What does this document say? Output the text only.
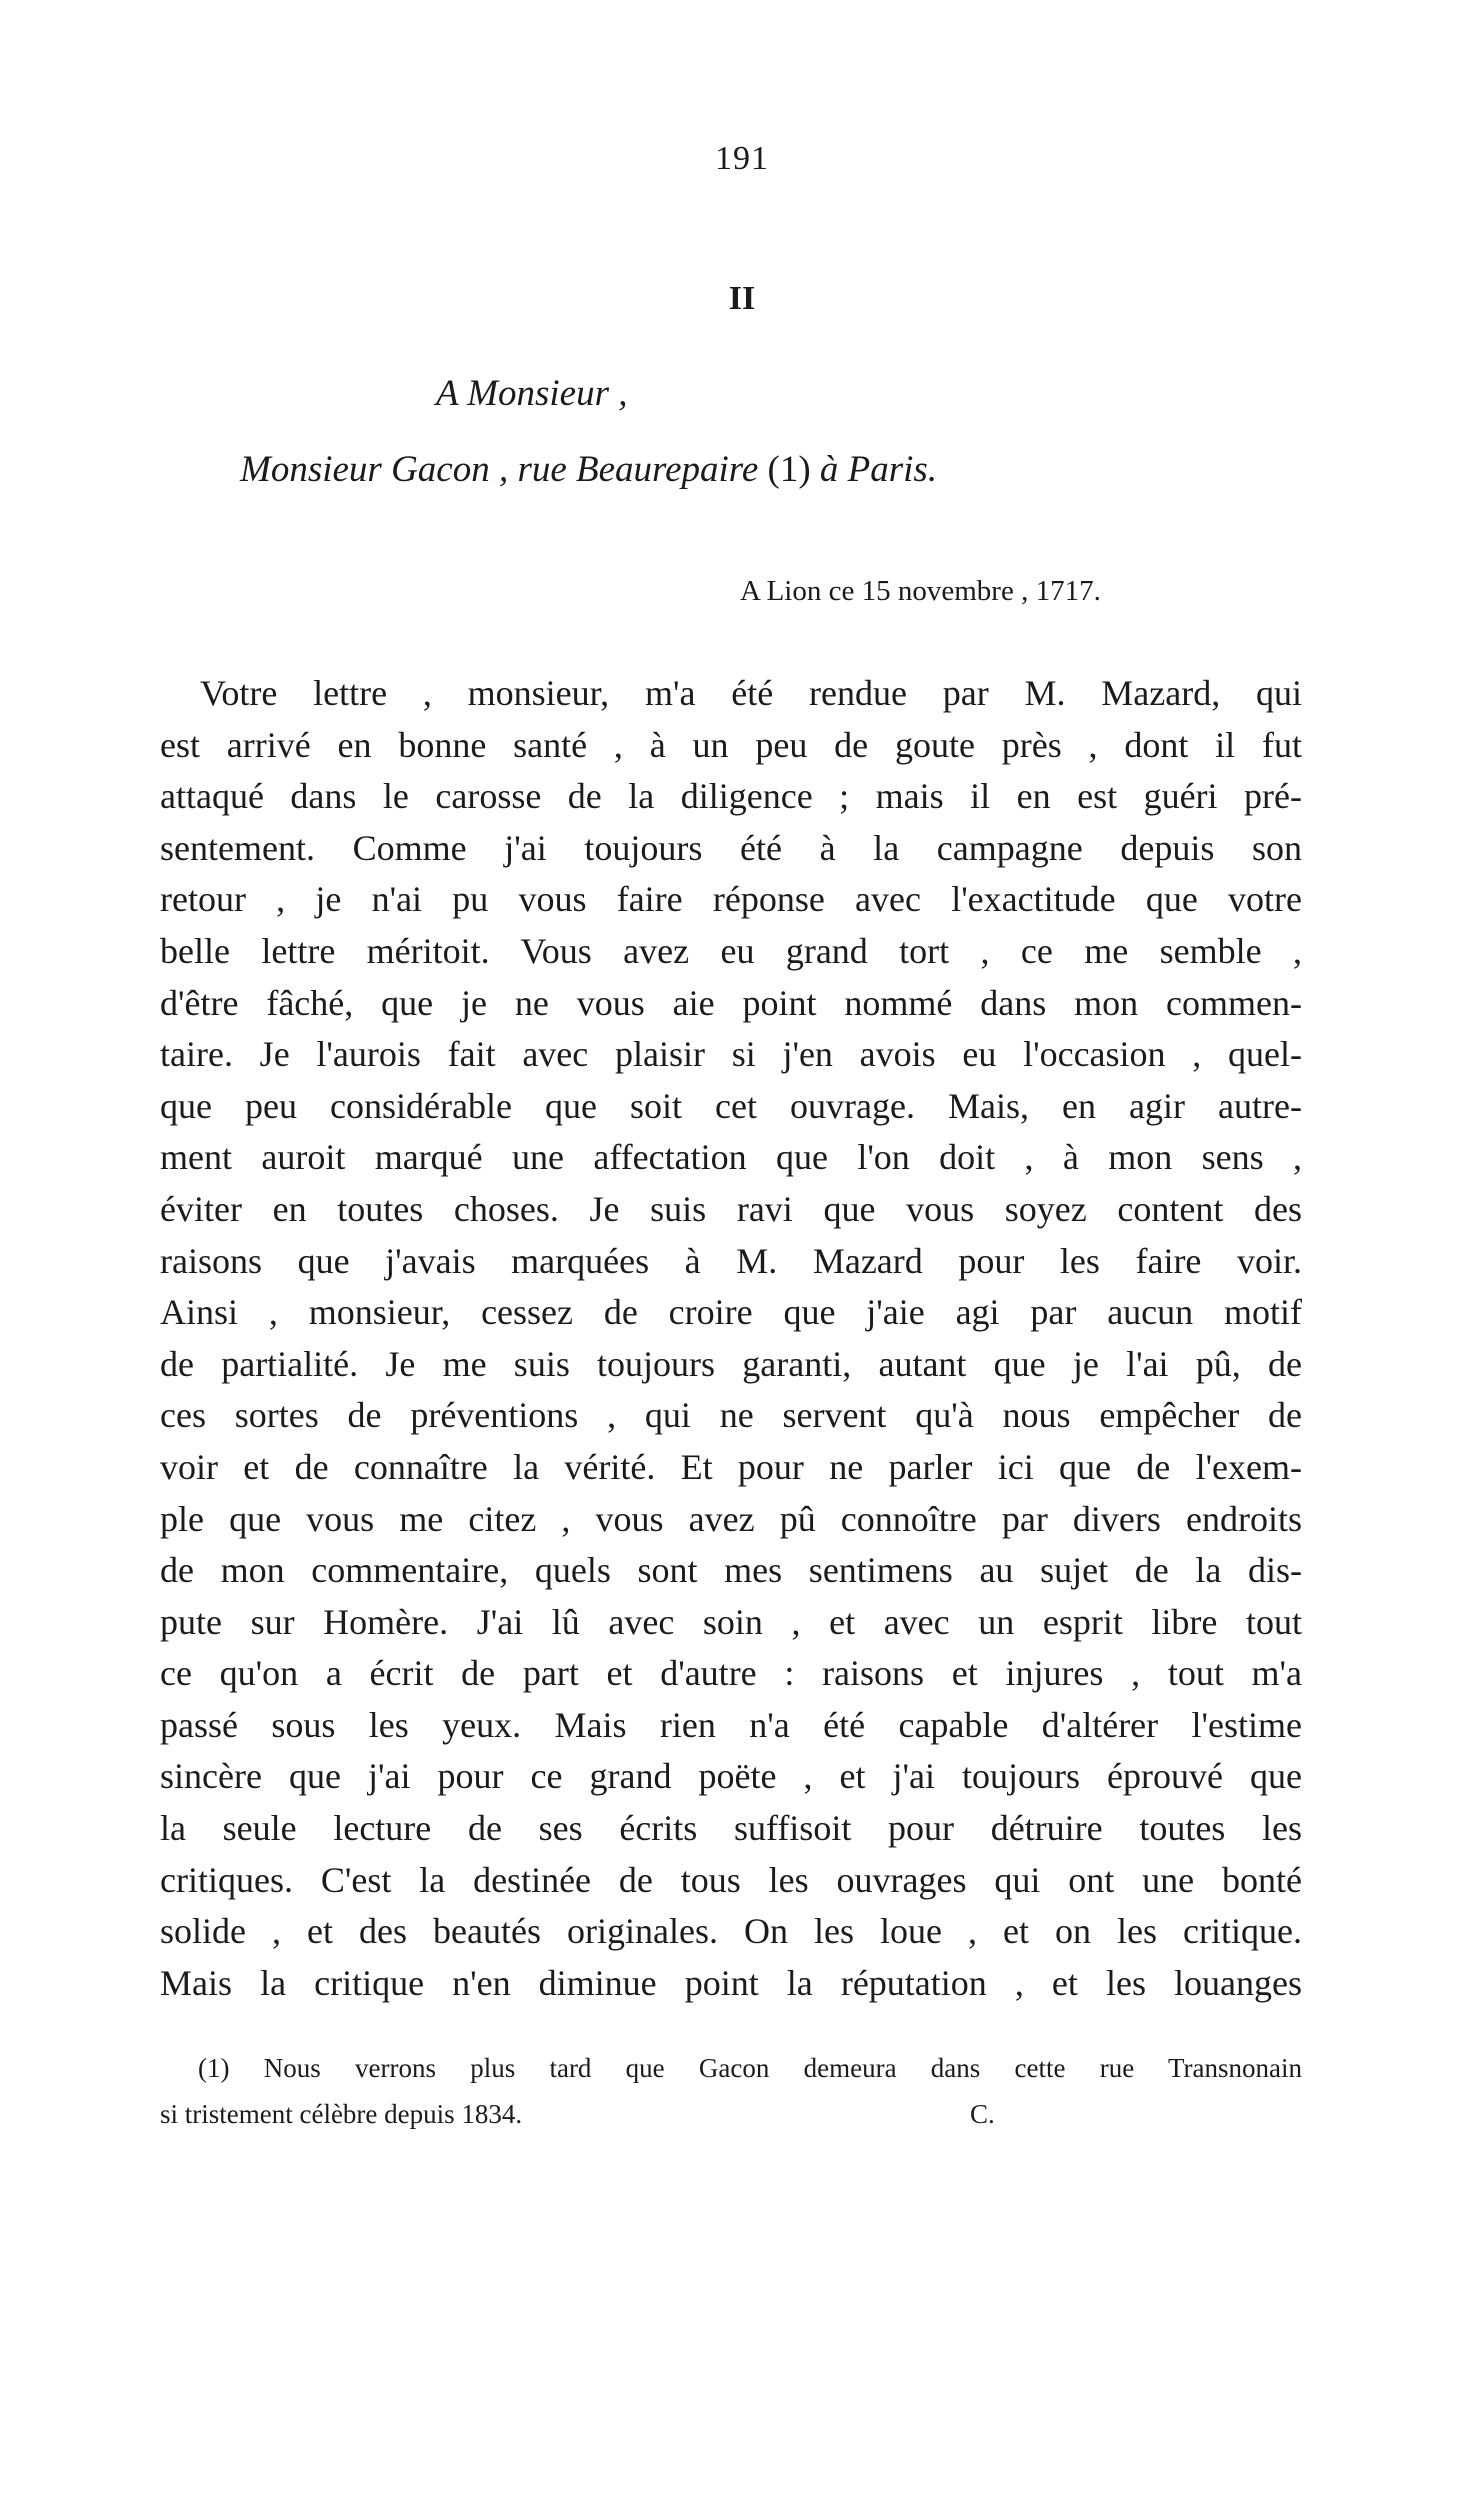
191
II
A Monsieur ,
Monsieur Gacon , rue Beaurepaire (1) à Paris.
A Lion ce 15 novembre , 1717.
Votre lettre , monsieur, m'a été rendue par M. Mazard, qui
est arrivé en bonne santé , à un peu de goute près , dont il fut
attaqué dans le carosse de la diligence ; mais il en est guéri pré-
sentement. Comme j'ai toujours été à la campagne depuis son
retour , je n'ai pu vous faire réponse avec l'exactitude que votre
belle lettre méritoit. Vous avez eu grand tort , ce me semble ,
d'être fâché, que je ne vous aie point nommé dans mon commen-
taire. Je l'aurois fait avec plaisir si j'en avois eu l'occasion , quel-
que peu considérable que soit cet ouvrage. Mais, en agir autre-
ment auroit marqué une affectation que l'on doit , à mon sens ,
éviter en toutes choses. Je suis ravi que vous soyez content des
raisons que j'avais marquées à M. Mazard pour les faire voir.
Ainsi , monsieur, cessez de croire que j'aie agi par aucun motif
de partialité. Je me suis toujours garanti, autant que je l'ai pû, de
ces sortes de préventions , qui ne servent qu'à nous empêcher de
voir et de connaître la vérité. Et pour ne parler ici que de l'exem-
ple que vous me citez , vous avez pû connoître par divers endroits
de mon commentaire, quels sont mes sentimens au sujet de la dis-
pute sur Homère. J'ai lû avec soin , et avec un esprit libre tout
ce qu'on a écrit de part et d'autre : raisons et injures , tout m'a
passé sous les yeux. Mais rien n'a été capable d'altérer l'estime
sincère que j'ai pour ce grand poëte , et j'ai toujours éprouvé que
la seule lecture de ses écrits suffisoit pour détruire toutes les
critiques. C'est la destinée de tous les ouvrages qui ont une bonté
solide , et des beautés originales. On les loue , et on les critique.
Mais la critique n'en diminue point la réputation , et les louanges
(1) Nous verrons plus tard que Gacon demeura dans cette rue Transnonain
si tristement célèbre depuis 1834.	C.
